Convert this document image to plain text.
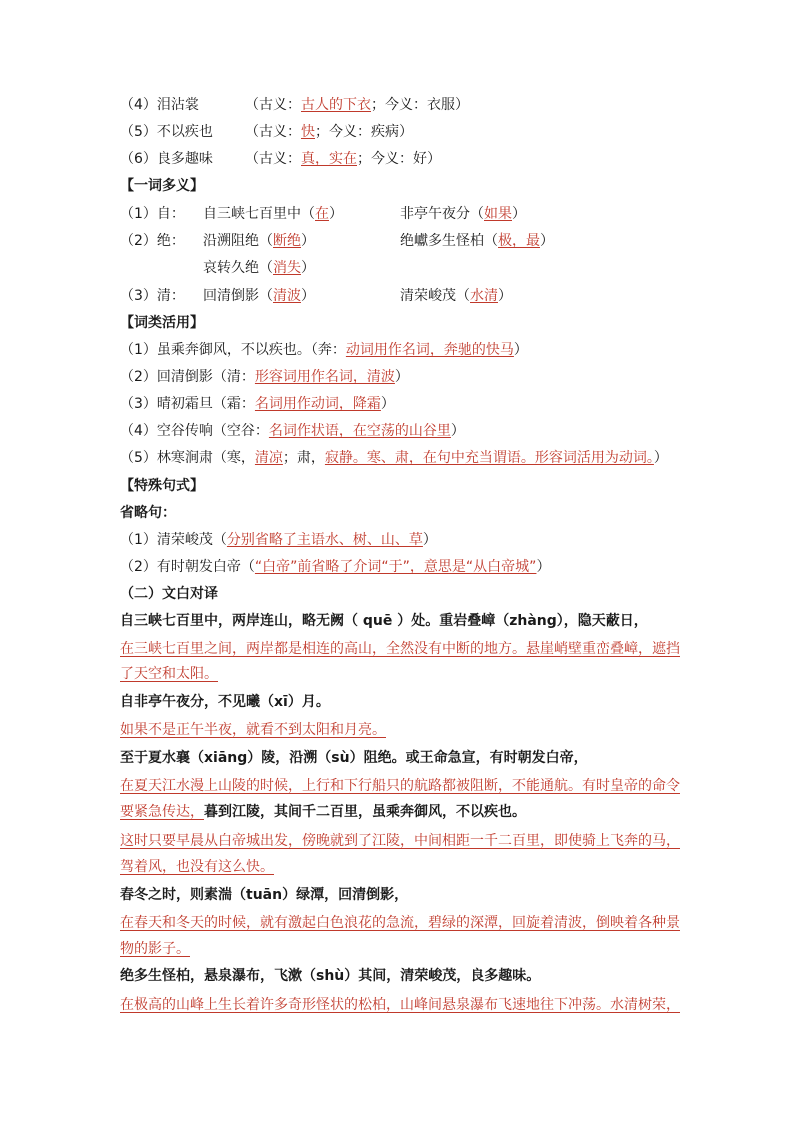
（4）泪沾裳	（古义：古人的下衣；今义：衣服）
（5）不以疾也 （古义：快；今义：疾病）
（6）良多趣味 （古义：真，实在；今义：好）
【一词多义】
（1）自： 自三峡七百里中（在）	非亭午夜分（如果）
（2）绝： 沿溯阻绝（断绝）	绝巘多生怪柏（极，最）
哀转久绝（消失）
（3）清： 回清倒影（清波）	清荣峻茂（水清）
【词类活用】
（1）虽乘奔御风，不以疾也。（奔：动词用作名词，奔驰的快马）
（2）回清倒影（清：形容词用作名词，清波）
（3）晴初霜旦（霜：名词用作动词，降霜）
（4）空谷传响（空谷：名词作状语，在空荡的山谷里）
（5）林寒涧肃（寒，清凉；肃，寂静。寒、肃，在句中充当谓语。形容词活用为动词。）
【特殊句式】
省略句：
（1）清荣峻茂（分别省略了主语水、树、山、草）
（2）有时朝发白帝（“白帝”前省略了介词“于”，意思是“从白帝城”）
（二）文白对译
自三峡七百里中，两岸连山，略无阙（ quē ）处。重岩叠嶂（zhàng），隐天蔽日，
在三峡七百里之间，两岸都是相连的高山，全然没有中断的地方。悬崖峭壁重峦叠嶂，遮挡
了天空和太阳。
自非亭午夜分，不见曦（xī）月。
如果不是正午半夜，就看不到太阳和月亮。
至于夏水襄（xiāng）陵，沿溯（sù）阻绝。或王命急宣，有时朝发白帝，
在夏天江水漫上山陵的时候，上行和下行船只的航路都被阻断，不能通航。有时皇帝的命令
要紧急传达，暮到江陵，其间千二百里，虽乘奔御风，不以疾也。
这时只要早晨从白帝城出发，傍晚就到了江陵，中间相距一千二百里，即使骑上飞奔的马，
驾着风，也没有这么快。
春冬之时，则素湍（tuān）绿潭，回清倒影，
在春天和冬天的时候，就有激起白色浪花的急流，碧绿的深潭，回旋着清波，倒映着各种景
物的影子。
绝多生怪柏，悬泉瀑布，飞漱（shù）其间，清荣峻茂，良多趣味。
在极高的山峰上生长着许多奇形怪状的松柏，山峰间悬泉瀑布飞速地往下冲荡。水清树荣，
